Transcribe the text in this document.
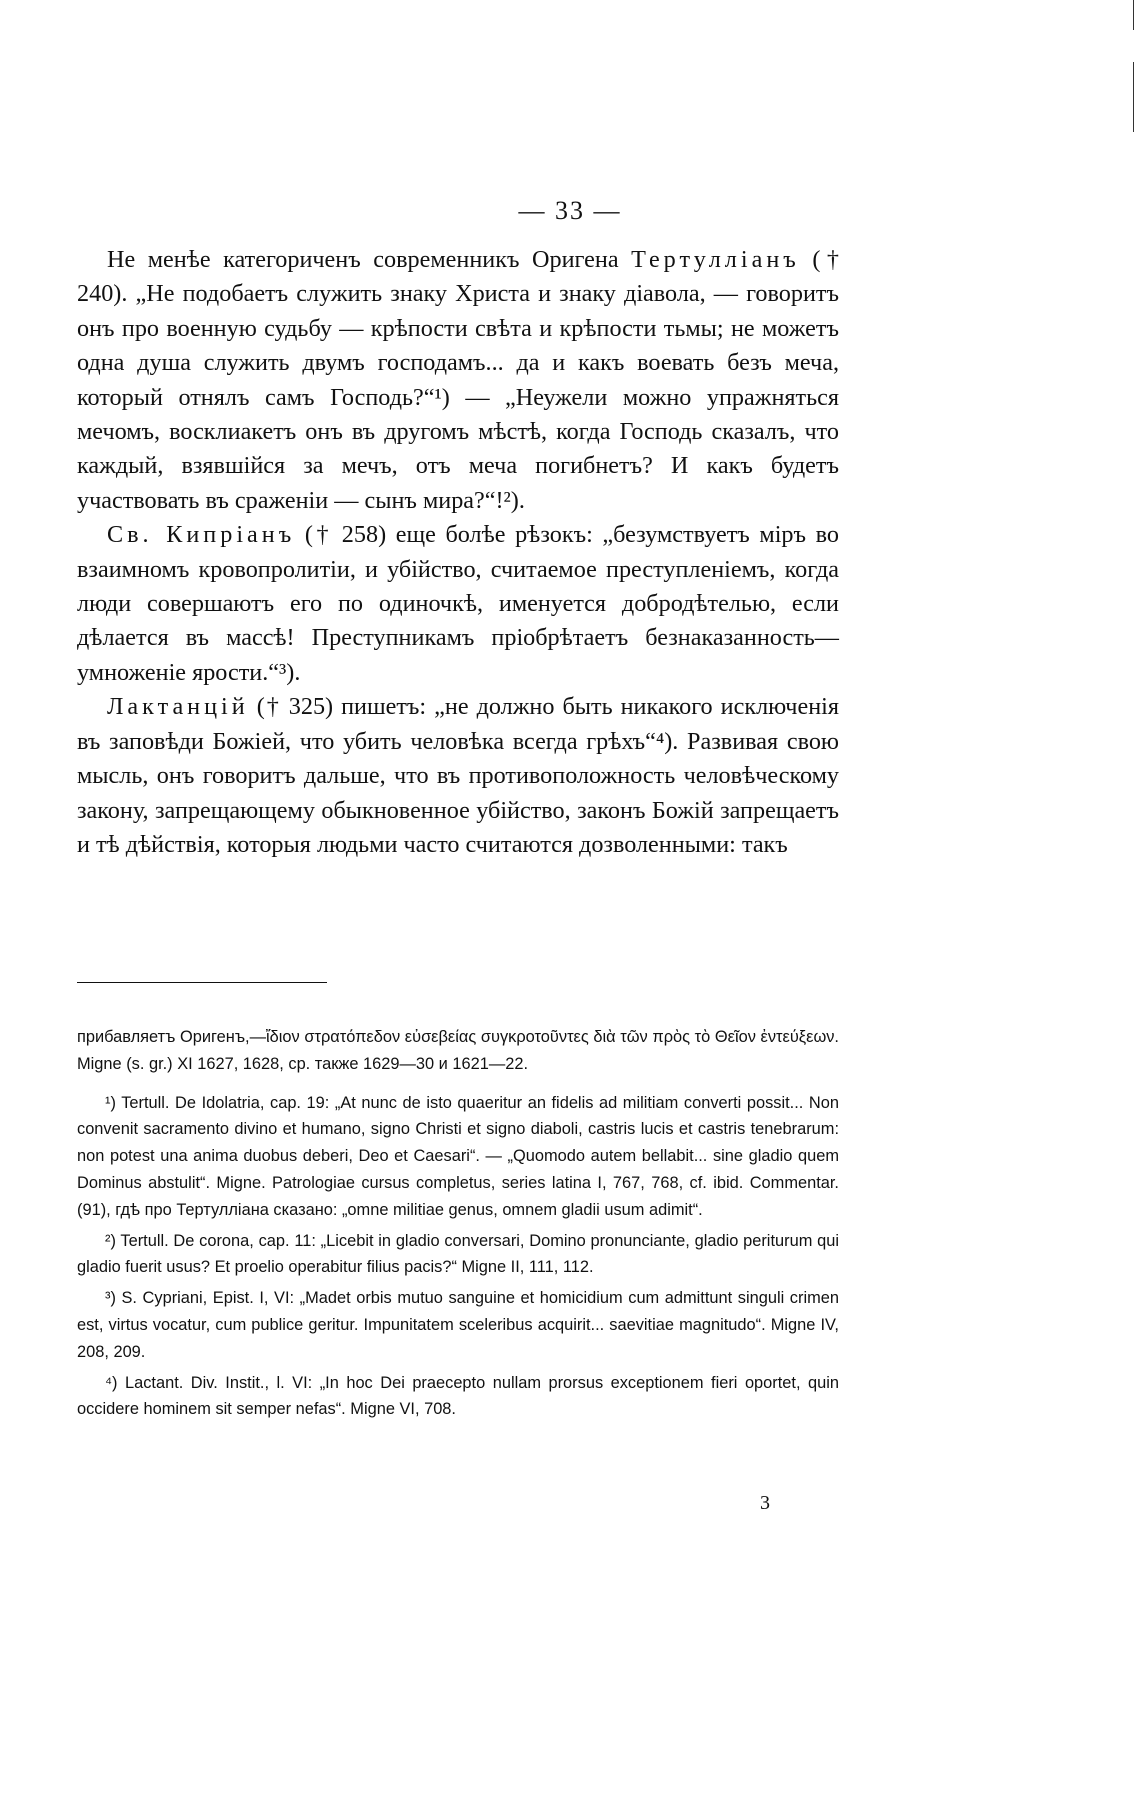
— 33 —

Не менѣе категориченъ современникъ Оригена Тертулліанъ († 240). „Не подобаетъ служить знаку Христа и знаку діавола, — говоритъ онъ про военную судьбу — крѣпости свѣта и крѣпости тьмы; не можетъ одна душа служить двумъ господамъ... да и какъ воевать безъ меча, который отнялъ самъ Господь?“¹) — „Неужели можно упражняться мечомъ, восклиакетъ онъ въ другомъ мѣстѣ, когда Господь сказалъ, что каждый, взявшійся за мечъ, отъ меча погибнетъ? И какъ будетъ участвовать въ сраженіи — сынъ мира?“!²).

Св. Кипріанъ († 258) еще болѣе рѣзокъ: „безумствуетъ міръ во взаимномъ кровопролитіи, и убійство, считаемое преступленіемъ, когда люди совершаютъ его по одиночкѣ, именуется добродѣтелью, если дѣлается въ массѣ! Преступникамъ пріобрѣтаетъ безнаказанность—умноженіе ярости.“³).

Лактанцій († 325) пишетъ: „не должно быть никакого исключенія въ заповѣди Божіей, что убить человѣка всегда грѣхъ“⁴). Развивая свою мысль, онъ говоритъ дальше, что въ противоположность человѣческому закону, запрещающему обыкновенное убійство, законъ Божій запрещаетъ и тѣ дѣйствія, которыя людьми часто считаются дозволенными: такъ

прибавляетъ Оригенъ,—ἴδιον στρατόπεδον εὐσεβείας συγκροτοῦντες διὰ τῶν πρὸς τὸ Θεῖον ἐντεύξεων. Migne (s. gr.) XI 1627, 1628, ср. также 1629—30 и 1621—22.

¹) Tertull. De Idolatria, cap. 19: „At nunc de isto quaeritur an fidelis ad militiam converti possit... Non convenit sacramento divino et humano, signo Christi et signo diaboli, castris lucis et castris tenebrarum: non potest una anima duobus deberi, Deo et Caesari“. — „Quomodo autem bellabit... sine gladio quem Dominus abstulit“. Migne. Patrologiae cursus completus, series latina I, 767, 768, cf. ibid. Commentar. (91), гдѣ про Тертулліана сказано: „omne militiae genus, omnem gladii usum adimit“.

²) Tertull. De corona, cap. 11: „Licebit in gladio conversari, Domino pronunciante, gladio periturum qui gladio fuerit usus? Et proelio operabitur filius pacis?“ Migne II, 111, 112.

³) S. Cypriani, Epist. I, VI: „Madet orbis mutuo sanguine et homicidium cum admittunt singuli crimen est, virtus vocatur, cum publice geritur. Impunitatem sceleribus acquirit... saevitiae magnitudo“. Migne IV, 208, 209.

⁴) Lactant. Div. Instit., l. VI: „In hoc Dei praecepto nullam prorsus exceptionem fieri oportet, quin occidere hominem sit semper nefas“. Migne VI, 708.

3
